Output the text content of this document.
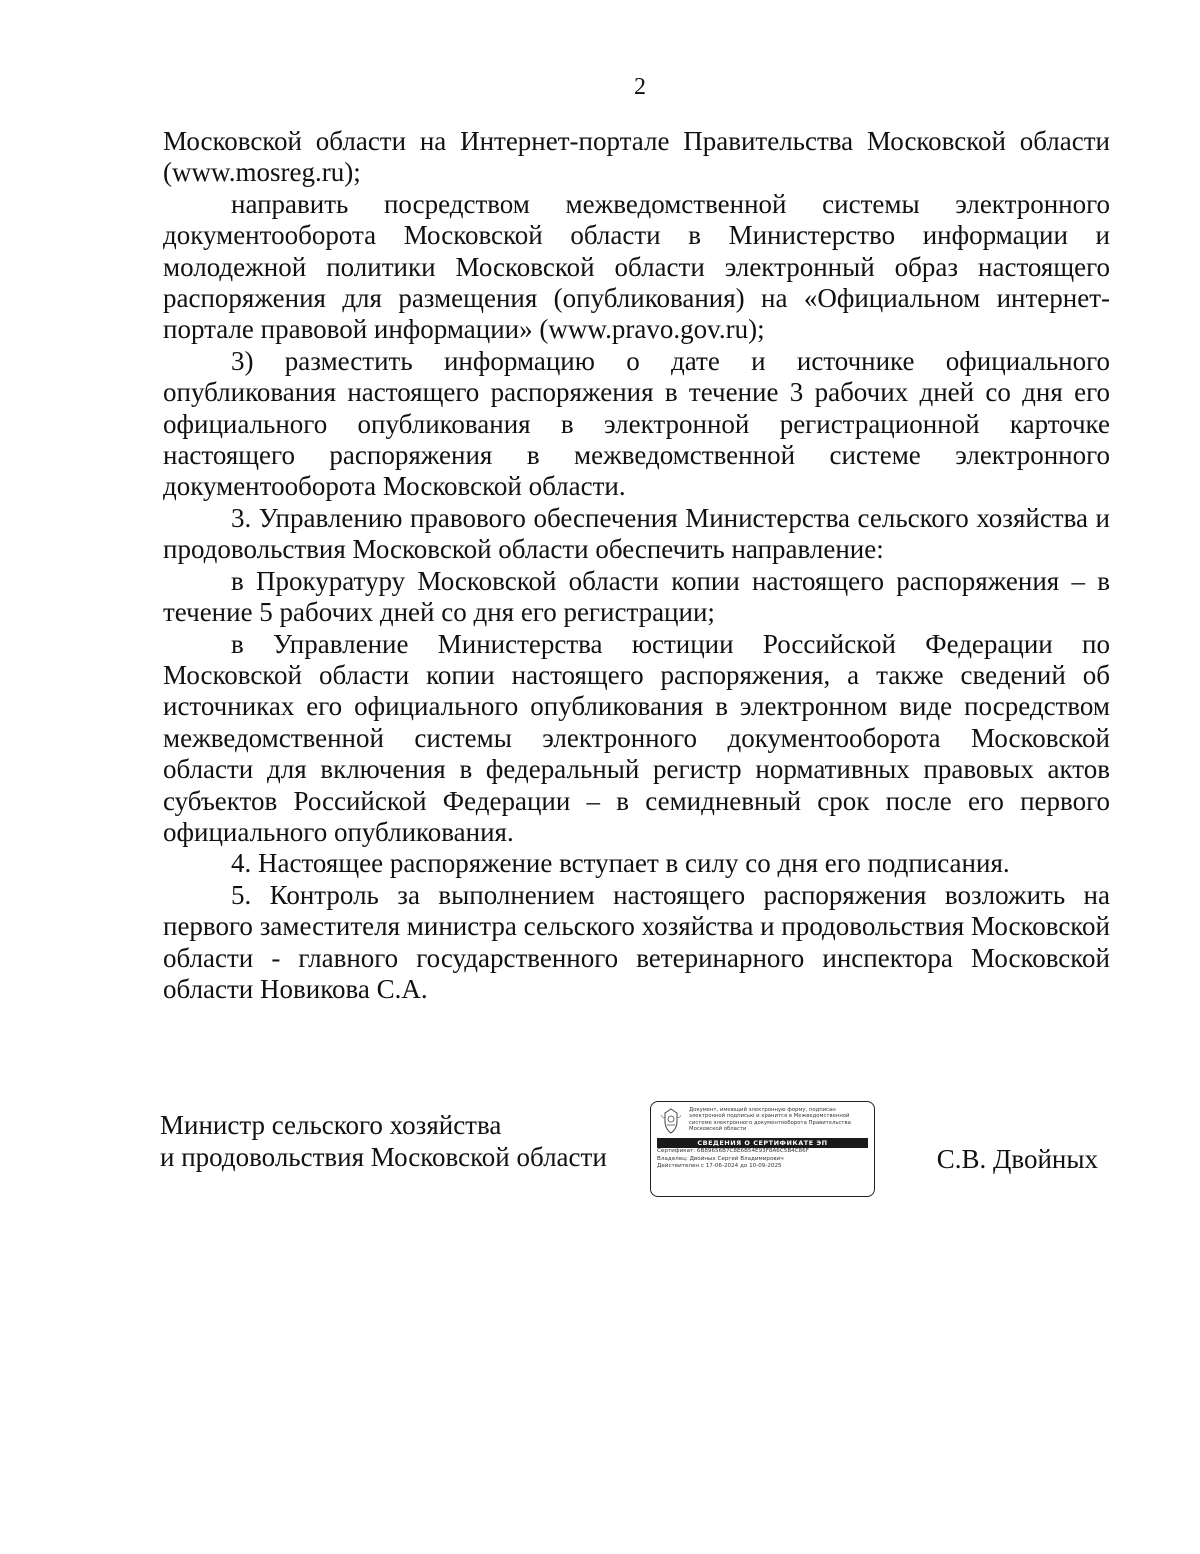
2

Московской области на Интернет-портале Правительства Московской области (www.mosreg.ru);

направить посредством межведомственной системы электронного документооборота Московской области в Министерство информации и молодежной политики Московской области электронный образ настоящего распоряжения для размещения (опубликования) на «Официальном интернет-портале правовой информации» (www.pravo.gov.ru);

3) разместить информацию о дате и источнике официального опубликования настоящего распоряжения в течение 3 рабочих дней со дня его официального опубликования в электронной регистрационной карточке настоящего распоряжения в межведомственной системе электронного документооборота Московской области.

3. Управлению правового обеспечения Министерства сельского хозяйства и продовольствия Московской области обеспечить направление:

в Прокуратуру Московской области копии настоящего распоряжения – в течение 5 рабочих дней со дня его регистрации;

в Управление Министерства юстиции Российской Федерации по Московской области копии настоящего распоряжения, а также сведений об источниках его официального опубликования в электронном виде посредством межведомственной системы электронного документооборота Московской области для включения в федеральный регистр нормативных правовых актов субъектов Российской Федерации – в семидневный срок после его первого официального опубликования.

4. Настоящее распоряжение вступает в силу со дня его подписания.

5. Контроль за выполнением настоящего распоряжения возложить на первого заместителя министра сельского хозяйства и продовольствия Московской области - главного государственного ветеринарного инспектора Московской области Новикова С.А.

Министр сельского хозяйства
и продовольствия Московской области
Документ, имеющий электронную форму, подписан электронной подписью и хранится в Межведомственной системе электронного документооборота Правительства Московской области
СВЕДЕНИЯ О СЕРТИФИКАТЕ ЭП
Сертификат: 6B89656B7C8E6B54E93F8A6C5B4C86F
Владелец: Двойных Сергей Владимирович
Действителен с 17-06-2024 до 10-09-2025	С.В. Двойных
